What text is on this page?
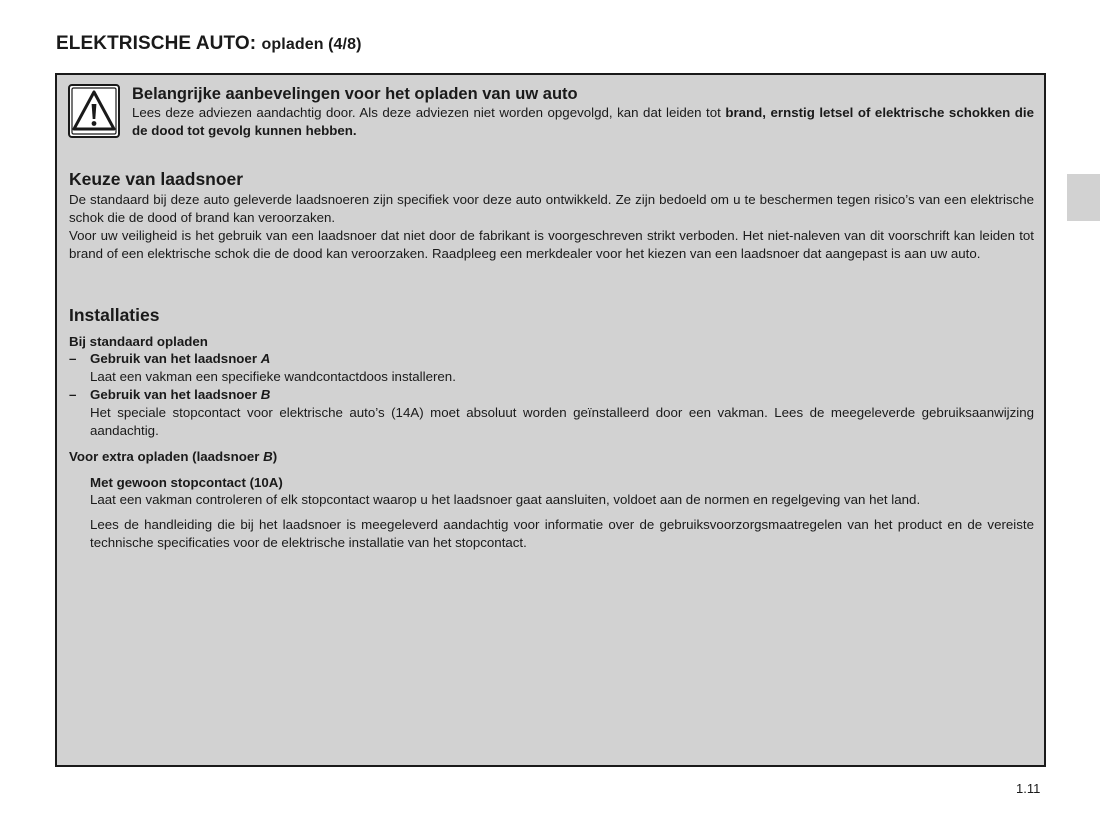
ELEKTRISCHE AUTO: opladen (4/8)
Belangrijke aanbevelingen voor het opladen van uw auto
Lees deze adviezen aandachtig door. Als deze adviezen niet worden opgevolgd, kan dat leiden tot brand, ernstig letsel of elektrische schokken die de dood tot gevolg kunnen hebben.
Keuze van laadsnoer

De standaard bij deze auto geleverde laadsnoeren zijn specifiek voor deze auto ontwikkeld. Ze zijn bedoeld om u te beschermen tegen risico’s van een elektrische schok die de dood of brand kan veroorzaken.

Voor uw veiligheid is het gebruik van een laadsnoer dat niet door de fabrikant is voorgeschreven strikt verboden. Het niet-naleven van dit voorschrift kan leiden tot brand of een elektrische schok die de dood kan veroorzaken. Raadpleeg een merkdealer voor het kiezen van een laadsnoer dat aangepast is aan uw auto.

Installaties
Bij standaard opladen
– Gebruik van het laadsnoer A
Laat een vakman een specifieke wandcontactdoos installeren.
– Gebruik van het laadsnoer B
Het speciale stopcontact voor elektrische auto’s (14A) moet absoluut worden geïnstalleerd door een vakman. Lees de meegeleverde gebruiksaanwijzing aandachtig.
Voor extra opladen (laadsnoer B)
Met gewoon stopcontact (10A)
Laat een vakman controleren of elk stopcontact waarop u het laadsnoer gaat aansluiten, voldoet aan de normen en regelgeving van het land.
Lees de handleiding die bij het laadsnoer is meegeleverd aandachtig voor informatie over de gebruiksvoorzorgsmaatregelen van het product en de vereiste technische specificaties voor de elektrische installatie van het stopcontact.
1.11
